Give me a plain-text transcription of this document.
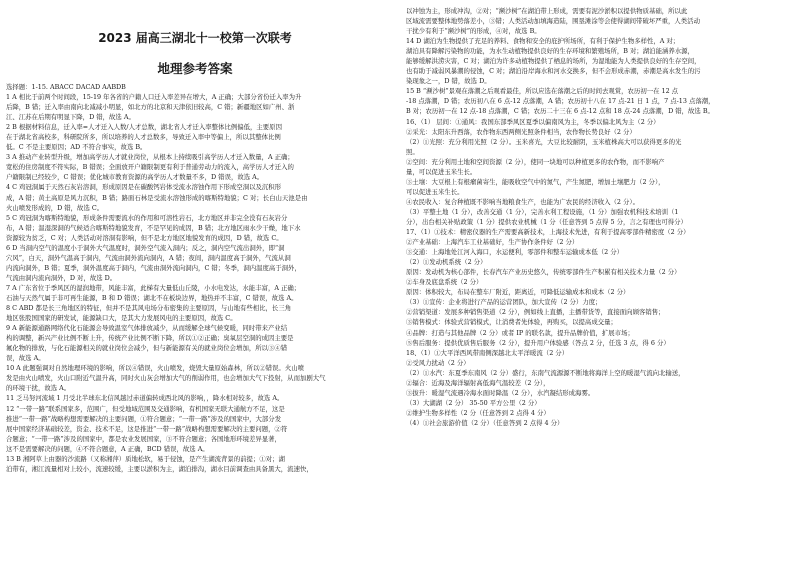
2023 届高三湖北十一校第一次联考
地理参考答案
选择题：1-15. ABACC DACAD AABDB
1 A 相比于前两个时间段，15-19 年各省的户籍人口迁入率差异在增大，A 正确；大部分省份迁入率为升
后降，B 错；迁入率由南向北减减小明显，如北方的北京和天津依旧较高，C 错；新疆地区如广州、浙
江、江苏在后期有明显下降，D 错，故选 A。
2 B 根据材料信息，迁入率=人才迁入人数/人才总数，湖北省人才迁入率整体比例偏低，主要原因
在于湖北省高校多，科研院所多，所以培养的人才总数多，导致迁入率中等偏上，所以其整体比例
低。C 不是主要原因；AD 不符合事实，故选 B。
3 A 推动产业转型升级，增加高学历人才就业岗位，从根本上持续吸引高学历人才迁入数量，A 正确；
宽松的住房制度不符实际，B 错误；全面放开户籍限制更有利于普通劳动力的流入，高学历人才迁入的
户籍限制已经较少，C 错误；优化城市教育资源的高学历人才数量不多，D 错误，故选 A。
4 C 鸡冠洞属于天然石灰岩溶洞，形成原因是在碳酸钙岩体受流水溶蚀作用下形成空洞以及沉积形
成，A 错；黄土高原是风力沉积，B 错；路面石林是受流水溶蚀形成的喀斯特地貌；C 对；长白山天池是由
火山喷发形成的，D 错，故选 C。
5 C 鸡冠洞为喀斯特地貌，形成条件需要流水的作用和可溶性岩石，北方地区并非完全没有石灰岩分
布，A 错；温湿深洞的气候适合喀斯特地貌发育，不是罕见的成因，B 错；北方地区雨水少干燥，地下水
资源较为贫乏，C 对；人类活动对溶洞有影响，但不是北方地区地貌发育的成因，D 错，故选 C。
6 D 当洞内空气的温度小于洞外大气温度时，洞外空气流入洞内；反之，洞内空气流出洞外，即“洞
穴风”，白天，洞外气温高于洞内，气流由洞外流向洞内，A 错；夜间，洞内温度高于洞外，气流从洞
内流向洞外，B 错；夏季，洞外温度高于洞内，气流由洞外流向洞内，C 错；冬季，洞内温度高于洞外，
气流由洞内流向洞外，D 对，故选 D。
7 A 广东省位于季风区的湿润地带，风能丰富，此梯有大量低山丘陵，小水电发达，水能丰富，A 正确；
石油与天然气属于非可再生能源，B 和 D 错误；湖北不在板块边界，地热并不丰富，C 错误，故选 A。
8 C ABD 都是长三角地区的特征，但并不是其风电场分布密集的主要原因，与山地有些相比，长三角
地区张股国国家的研发试，能源缺口大，是其大力发展风电的主要原因，故选 C。
9 A 新能源通路网络代化石能源会导致温室气体排放减少，从而缓解全球气候变暖，同时带来产业结
构的调整，新兴产业比例不断上升，传统产业比例不断下降，所以①②正确；臭氧层空洞的成因主要是
氟化物的排放，与化石能源相关的就业岗位会减少，但与新能源有关的就业岗位会增加，所以③④错
误，故选 A。
10 A 此题强调对自然地理环境的影响，所以④错误，火山喷发，烧毁大量原始森林，所以②错误。火山喷
发是由火山喷发，火山口附近气温升高，同时火山灰会增加大气的削弱作用，也会增加大气下投射，从而加剧大气
的环境干扰，故选 A。
11 乏马努河流域 1 月受北半球东北信风越过赤道偏转成西北风的影响，，降水相对较多，故选 A。
12 “一带一路”联系国家多，范围广，但受地域范围及交通影响，有机国家无联大通航方不足，这是
推进“一带一路”战略构想需要解决的主要问题，①符合题意；“一带一路”涉及的国家中，大部分发
展中国家经济基础较差，资金、技术不足，这是推进“一带一路”战略构想需要解决的主要问题，②符
合题意；“一带一路”涉及的国家中，都是农业发展国家，③不符合题意；各国地形环境差异显著，
这不是需要解决的问题，④不符合题意，A 正确，BCD 错误，故选 A。
13 B 湘阿草上由器的沙流路（又称湘萍）质地松软，易于侵蚀，是产生湖流背景的前提；①对；湖
泊带有，湘江流量相对上较小，流速较缓，主要以淤积为主，湖泊排沟，湖水目前调查由具备黑大，流速快，
以冲蚀为主，形成冲沟，②对；“濒沙树”在湖泊带上形成，需要有泥沙淤积以提供物质基础，所以此
区域流需要整体地势落差小，③错；人类活动加填海造陆，围垦滩涂等会使得湖间带破坏严重，人类活动
干扰少有利于“濒沙树”的形成，④对，故选 B。
14 D 湖泊为生物提供了充足的养料、食物和安全的庇护所场所，有利于保护生物多样性，A 对；
湖泊具有降解污染物的功能，为水生动植物提供良好的生存环境和繁殖场所，B 对；湖泊能涵养水源，
能够缓解洪涝灾害，C 对；湖泊为许多动植物提供了栖息的场所，为湿地能为人类提供良好的生存空间，
也有助于减弱风暴潮的侵蚀，C 对；湖泊沿岸海水和河水交换多，但不会形成赤潮，赤潮是高水发生的污
染现象之一，D 错，故选 D。
15 B “濒沙树”景观在落潮之后观看最佳，所以应选在落潮之后的时间去观赏，农历初一在 12 点
-18 点落潮，D 错；农历初八在 6 点-12 点落潮，A 错；农历初十八在 17 点-21 日 1 点，7 点-13 点落潮，
B 对；农历初一在 12 点-18 点落潮，C 错；农历二十三在 6 点-12 点和 18 点-24 点落潮，D 错，故选 B。
16、（1） 层间：①通风：我国东部季风区夏季以偏南风为主，冬季以偏北风为主（2 分）
②采光：太阳东升西落，农作物东西两侧光照条件相当，农作物长势良好（2 分）
（2）①光照：充分利用光照（2 分）。玉米喜光，大豆比较耐阴，玉米植株高大可以获得更多的光
照。
②空间：充分利用土地和空间资源（2 分），使同一块地可以种植更多的农作物，而不影响产
量，可以促进玉米生长。
③土壤：大豆根上有根瘤菌寄生，能吸收空气中的氮气，产生氮肥，增加土壤肥力（2 分），
可以促进玉米生长。
④农民收入：复合种植既不影响当地粮食生产，也能为广农民的经济收入（2 分）。
（3）平整土地（1 分），改善交通（1 分），完善水利工程设施，（1 分）加强农机科技术培训（1
分），出台相关补贴政策（1 分）提供农业机械（1 分（任意答到 5 点得 5 分，言之有理也可得分）
17、（1）①技术：精密仪器的生产需要高新技术，上海技术先进，有利于提高零部件精密度（2 分）
②产业基础：上海汽车工业基础好，生产协作条件好（2 分）
③交通：上海地处江河入海口，水运便利，零部件和整车运输成本低（2 分）
（2）①发动机系统（2 分）
原因：发动机为核心部件，长春汽车产业历史悠久，传统零部件生产积累有相关技术力量（2 分）
②车身及底盘系统（2 分）
原因：体积较大，布局在整车厂附近，距离近，可降低运输成本和成本（2 分）
（3）①宣传：企业将进行产品的运营团队，加大宣传（2 分）力度；
②营销渠道：发展多种销售渠道（2 分），例如线上直播，主播带货等，直接面向顾客销售；
③销售模式：体验式营销模式，让消费者先体验，再购买，以提高成交量；
④品牌：打造与其他品牌（2 分）或者 IP 的联名款，提升品牌价值，扩展市场；
⑤售后服务：提供优质售后服务（2 分），提升用户体验感（答点 2 分，任选 3 点，得 6 分）
18、（1）①大平洋西风带南侧深越北太平洋暖流（2 分）
②受风力扰动（2 分）
（2）①水汽：东夏季东南风（2 分）盛行，东南气流源源不断地将海洋上空的暖湿气流向北输送，
②辐合：近海及海洋辐射高低海气温较差（2 分），
③拔升：暖湿气流遇冷海水面时降温（2 分），水汽凝结形成海雾。
（3）大湖湖（2 分） 35-50 平方公里（2 分）
②维护生物多样性（2 分（任意答到 2 点得 4 分）
（4）①社会旅游价值（2 分）（任意答到 2 点得 4 分）
